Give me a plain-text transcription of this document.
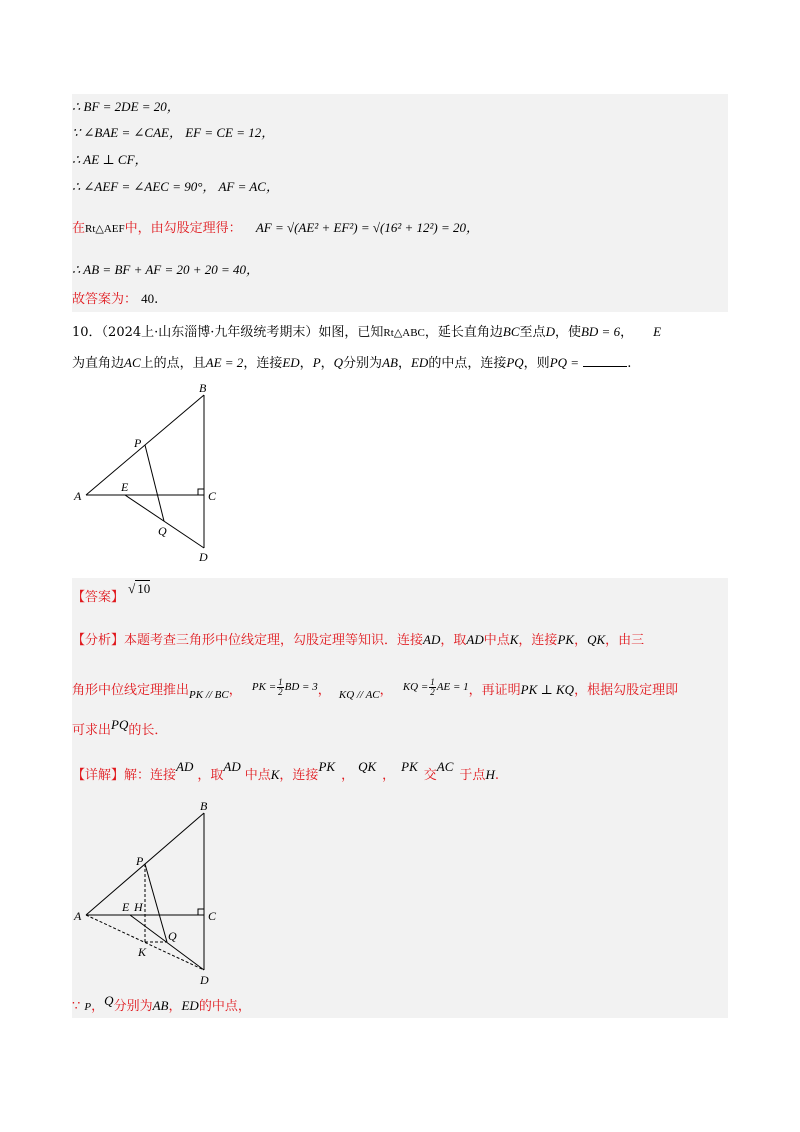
∴ BF = 2DE = 20，
∵ ∠BAE = ∠CAE， EF = CE = 12，
∴ AE ⊥ CF，
∴ ∠AEF = ∠AEC = 90°， AF = AC，
在Rt△AEF中，由勾股定理得： AF = √(AE² + EF²) = √(16² + 12²) = 20，
∴ AB = BF + AF = 20 + 20 = 40，
故答案为： 40.
10．（2024上·山东淄博·九年级统考期末）如图，已知Rt△ABC，延长直角边BC至点D，使BD = 6， E
为直角边AC上的点，且AE = 2，连接ED，P，Q分别为AB，ED的中点，连接PQ，则PQ =	.
A
B
C
D
E
P
Q
【答案】 √ 10
【分析】本题考查三角形中位线定理，勾股定理等知识．连接AD，取AD中点K，连接PK，QK，由三
角形中位线定理推出$_{PK // BC}$， $^{PK = \frac{1}{2} BD = 3}$， $_{KQ // AC}$， $^{KQ = \frac{1}{2} AE = 1}$，再证明PK ⊥ KQ，根据勾股定理即
可求出PQ的长．
【详解】解：连接AD，取AD中点K，连接PK，QK，PK交AC于点H.
A
B
C
D
E H
P
Q
K
∵ P，Q分别为AB，ED的中点，
